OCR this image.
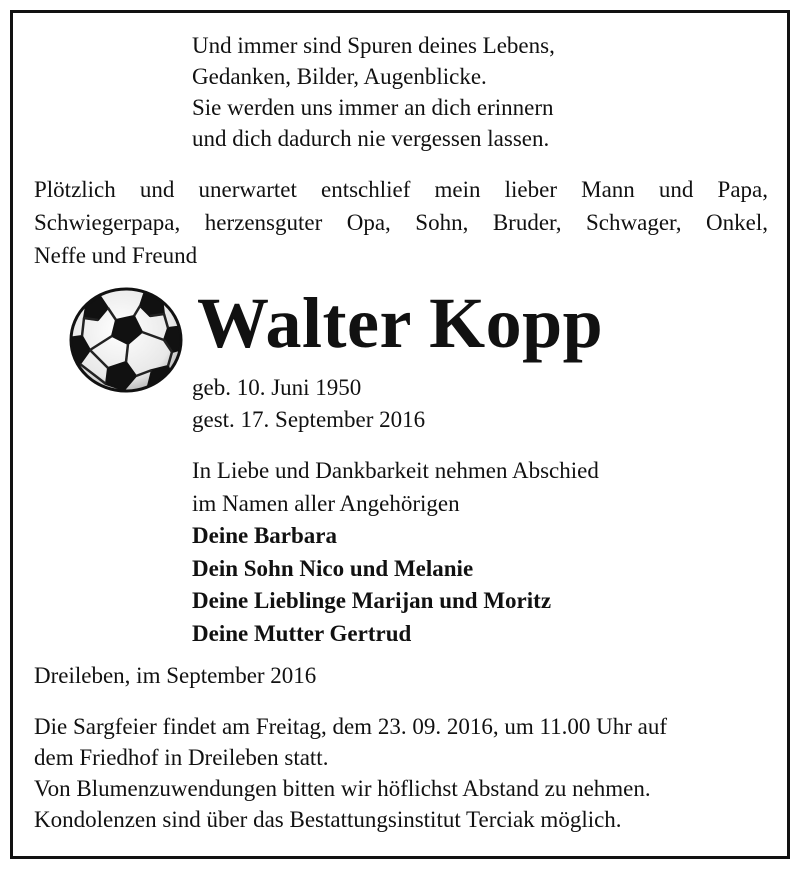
Und immer sind Spuren deines Lebens,
Gedanken, Bilder, Augenblicke.
Sie werden uns immer an dich erinnern
und dich dadurch nie vergessen lassen.
Plötzlich und unerwartet entschlief mein lieber Mann und Papa,
Schwiegerpapa, herzensguter Opa, Sohn, Bruder, Schwager, Onkel,
Neffe und Freund
Walter Kopp
geb. 10. Juni 1950
gest. 17. September 2016
In Liebe und Dankbarkeit nehmen Abschied
im Namen aller Angehörigen
Deine Barbara
Dein Sohn Nico und Melanie
Deine Lieblinge Marijan und Moritz
Deine Mutter Gertrud
Dreileben, im September 2016
Die Sargfeier findet am Freitag, dem 23. 09. 2016, um 11.00 Uhr auf
dem Friedhof in Dreileben statt.
Von Blumenzuwendungen bitten wir höflichst Abstand zu nehmen.
Kondolenzen sind über das Bestattungsinstitut Terciak möglich.
